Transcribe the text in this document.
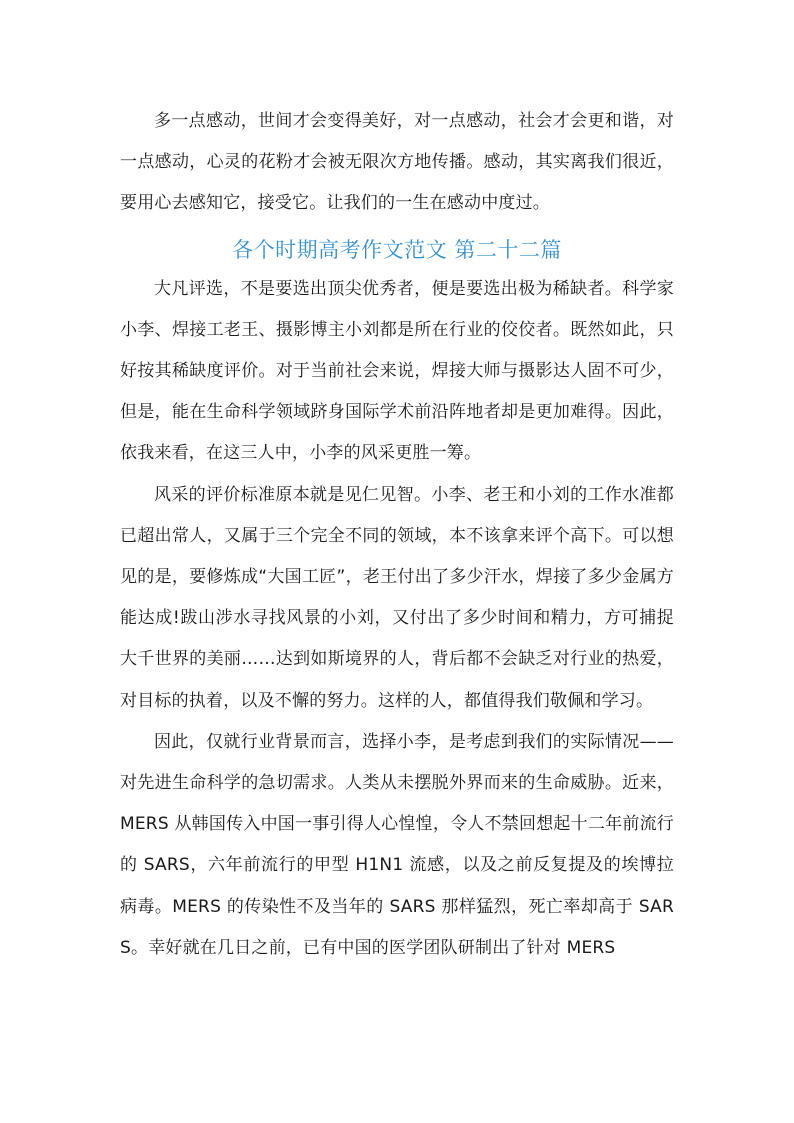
多一点感动，世间才会变得美好，对一点感动，社会才会更和谐，对一点感动，心灵的花粉才会被无限次方地传播。感动，其实离我们很近，要用心去感知它，接受它。让我们的一生在感动中度过。

各个时期高考作文范文 第二十二篇

大凡评选，不是要选出顶尖优秀者，便是要选出极为稀缺者。科学家小李、焊接工老王、摄影博主小刘都是所在行业的佼佼者。既然如此，只好按其稀缺度评价。对于当前社会来说，焊接大师与摄影达人固不可少，但是，能在生命科学领域跻身国际学术前沿阵地者却是更加难得。因此，依我来看，在这三人中，小李的风采更胜一筹。

风采的评价标准原本就是见仁见智。小李、老王和小刘的工作水准都已超出常人，又属于三个完全不同的领域，本不该拿来评个高下。可以想见的是，要修炼成“大国工匠”，老王付出了多少汗水，焊接了多少金属方能达成!跋山涉水寻找风景的小刘，又付出了多少时间和精力，方可捕捉大千世界的美丽……达到如斯境界的人，背后都不会缺乏对行业的热爱，对目标的执着，以及不懈的努力。这样的人，都值得我们敬佩和学习。

因此，仅就行业背景而言，选择小李，是考虑到我们的实际情况——对先进生命科学的急切需求。人类从未摆脱外界而来的生命威胁。近来，MERS 从韩国传入中国一事引得人心惶惶，令人不禁回想起十二年前流行的 SARS，六年前流行的甲型 H1N1 流感，以及之前反复提及的埃博拉病毒。MERS 的传染性不及当年的 SARS 那样猛烈，死亡率却高于 SARS。幸好就在几日之前，已有中国的医学团队研制出了针对 MERS
